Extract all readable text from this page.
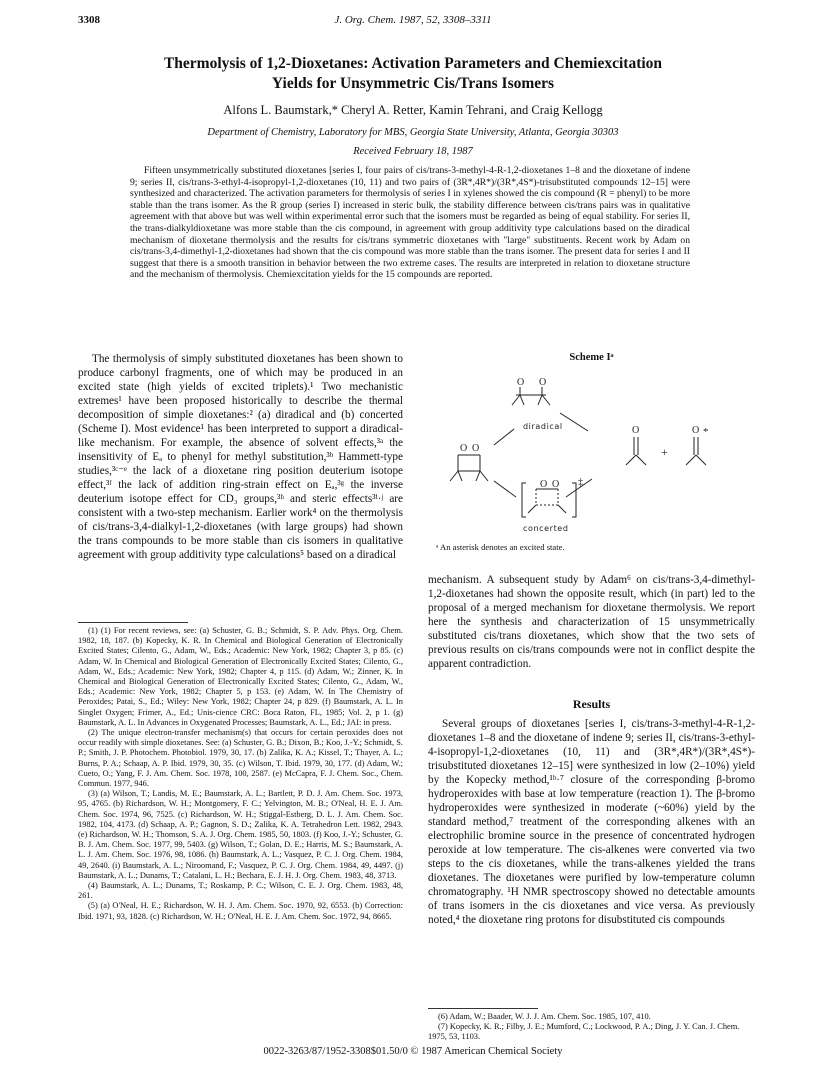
3308	J. Org. Chem. 1987, 52, 3308–3311
Thermolysis of 1,2-Dioxetanes: Activation Parameters and Chemiexcitation
Yields for Unsymmetric Cis/Trans Isomers
Alfons L. Baumstark,* Cheryl A. Retter, Kamin Tehrani, and Craig Kellogg
Department of Chemistry, Laboratory for MBS, Georgia State University, Atlanta, Georgia 30303
Received February 18, 1987
Fifteen unsymmetrically substituted dioxetanes [series I, four pairs of cis/trans-3-methyl-4-R-1,2-dioxetanes 1–8 and the dioxetane of indene 9; series II, cis/trans-3-ethyl-4-isopropyl-1,2-dioxetanes (10, 11) and two pairs of (3R*,4R*)/(3R*,4S*)-trisubstituted compounds 12–15] were synthesized and characterized. The activation parameters for thermolysis of series I in xylenes showed the cis compound (R = phenyl) to be more stable than the trans isomer. As the R group (series I) increased in steric bulk, the stability difference between cis/trans pairs was in qualitative agreement with that above but was well within experimental error such that the isomers must be regarded as being of equal stability. For series II, the trans-dialkyldioxetane was more stable than the cis compound, in agreement with group additivity type calculations based on the diradical mechanism of dioxetane thermolysis and the results for cis/trans symmetric dioxetanes with "large" substituents. Recent work by Adam on cis/trans-3,4-dimethyl-1,2-dioxetanes had shown that the cis compound was more stable than the trans isomer. The present data for series I and II suggest that there is a smooth transition in behavior between the two extreme cases. The results are interpreted in relation to dioxetane structure and the mechanism of thermolysis. Chemiexcitation yields for the 15 compounds are reported.

The thermolysis of simply substituted dioxetanes has been shown to produce carbonyl fragments, one of which may be produced in an excited state (high yields of excited triplets).¹ Two mechanistic extremes¹ have been proposed historically to describe the thermal decomposition of simple dioxetanes:² (a) diradical and (b) concerted (Scheme I). Most evidence¹ has been interpreted to support a diradical-like mechanism. For example, the absence of solvent effects,³ᵃ the insensitivity of Eₐ to phenyl for methyl substitution,³ᵇ Hammett-type studies,³ᶜ⁻ᵉ the lack of a dioxetane ring position deuterium isotope effect,³ᶠ the lack of addition ring-strain effect on Eₐ,³ᵍ the inverse deuterium isotope effect for CD₃ groups,³ʰ and steric effects³ⁱ·ʲ are consistent with a two-step mechanism. Earlier work⁴ on the thermolysis of cis/trans-3,4-dialkyl-1,2-dioxetanes (with large groups) had shown the trans compounds to be more stable than cis isomers in qualitative agreement with group additivity type calculations⁵ based on a diradical

(1) (1) For recent reviews, see: (a) Schuster, G. B.; Schmidt, S. P. Adv. Phys. Org. Chem. 1982, 18, 187. (b) Kopecky, K. R. In Chemical and Biological Generation of Electronically Excited States; Cilento, G., Adam, W., Eds.; Academic: New York, 1982; Chapter 3, p 85. (c) Adam, W. In Chemical and Biological Generation of Electronically Excited States; Cilento, G., Adam, W., Eds.; Academic: New York, 1982; Chapter 4, p 115. (d) Adam, W.; Zinner, K. In Chemical and Biological Generation of Electronically Excited States; Cilento, G., Adam, W., Eds.; Academic: New York, 1982; Chapter 5, p 153. (e) Adam, W. In The Chemistry of Peroxides; Patai, S., Ed.; Wiley: New York, 1982; Chapter 24, p 829. (f) Baumstark, A. L. In Singlet Oxygen; Frimer, A., Ed.; Unis-cience CRC: Boca Raton, FL, 1985; Vol. 2, p 1. (g) Baumstark, A. L. In Advances in Oxygenated Processes; Baumstark, A. L., Ed.; JAI: in press.

(2) The unique electron-transfer mechanism(s) that occurs for certain peroxides does not occur readily with simple dioxetanes. See: (a) Schuster, G. B.; Dixon, B.; Koo, J.-Y.; Schmidt, S. P.; Smith, J. P. Photochem. Photobiol. 1979, 30, 17. (b) Zalika, K. A.; Kissel, T.; Thayer, A. L.; Burns, P. A.; Schaap, A. P. Ibid. 1979, 30, 35. (c) Wilson, T. Ibid. 1979, 30, 177. (d) Adam, W.; Cueto, O.; Yang, F. J. Am. Chem. Soc. 1978, 100, 2587. (e) McCapra, F. J. Chem. Soc., Chem. Commun. 1977, 946.

(3) (a) Wilson, T.; Landis, M. E.; Baumstark, A. L.; Bartlett, P. D. J. Am. Chem. Soc. 1973, 95, 4765. (b) Richardson, W. H.; Montgomery, F. C.; Yelvington, M. B.; O'Neal, H. E. J. Am. Chem. Soc. 1974, 96, 7525. (c) Richardson, W. H.; Stiggal-Estberg, D. L. J. Am. Chem. Soc. 1982, 104, 4173. (d) Schaap, A. P.; Gagnon, S. D.; Zalika, K. A. Tetrahedron Lett. 1982, 2943. (e) Richardson, W. H.; Thomson, S. A. J. Org. Chem. 1985, 50, 1803. (f) Koo, J.-Y.; Schuster, G. B. J. Am. Chem. Soc. 1977, 99, 5403. (g) Wilson, T.; Golan, D. E.; Harris, M. S.; Baumstark, A. L. J. Am. Chem. Soc. 1976, 98, 1086. (h) Baumstark, A. L.; Vasquez, P. C. J. Org. Chem. 1984, 49, 2640. (i) Baumstark, A. L.; Niroomand, F.; Vasquez, P. C. J. Org. Chem. 1984, 49, 4497. (j) Baumstark, A. L.; Dunams, T.; Catalani, L. H.; Bechara, E. J. H. J. Org. Chem. 1983, 48, 3713.

(4) Baumstark, A. L.; Dunams, T.; Roskamp, P. C.; Wilson, C. E. J. Org. Chem. 1983, 48, 261.

(5) (a) O'Neal, H. E.; Richardson, W. H. J. Am. Chem. Soc. 1970, 92, 6553. (b) Correction: Ibid. 1971, 93, 1828. (c) Richardson, W. H.; O'Neal, H. E. J. Am. Chem. Soc. 1972, 94, 8665.

Scheme Iᵃ
O O
O O
O	O
O O
+
‡
*
diradical
concerted
ᵃ An asterisk denotes an excited state.

mechanism. A subsequent study by Adam⁶ on cis/trans-3,4-dimethyl-1,2-dioxetanes had shown the opposite result, which (in part) led to the proposal of a merged mechanism for dioxetane thermolysis. We report here the synthesis and characterization of 15 unsymmetrically substituted cis/trans dioxetanes, which show that the two sets of previous results on cis/trans compounds were not in conflict despite the apparent contradiction.

Results
Several groups of dioxetanes [series I, cis/trans-3-methyl-4-R-1,2-dioxetanes 1–8 and the dioxetane of indene 9; series II, cis/trans-3-ethyl-4-isopropyl-1,2-dioxetanes (10, 11) and (3R*,4R*)/(3R*,4S*)-trisubstituted dioxetanes 12–15] were synthesized in low (2–10%) yield by the Kopecky method,¹ᵇ·⁷ closure of the corresponding β-bromo hydroperoxides with base at low temperature (reaction 1). The β-bromo hydroperoxides were synthesized in moderate (~60%) yield by the standard method,⁷ treatment of the corresponding alkenes with an electrophilic bromine source in the presence of concentrated hydrogen peroxide at low temperature. The cis-alkenes were converted via two steps to the cis dioxetanes, while the trans-alkenes yielded the trans dioxetanes. The dioxetanes were purified by low-temperature column chromatography. ¹H NMR spectroscopy showed no detectable amounts of trans isomers in the cis dioxetanes and vice versa. As previously noted,⁴ the dioxetane ring protons for disubstituted cis compounds

(6) Adam, W.; Baader, W. J. J. Am. Chem. Soc. 1985, 107, 410.

(7) Kopecky, K. R.; Filby, J. E.; Mumford, C.; Lockwood, P. A.; Ding, J. Y. Can. J. Chem. 1975, 53, 1103.

0022-3263/87/1952-3308$01.50/0 © 1987 American Chemical Society
